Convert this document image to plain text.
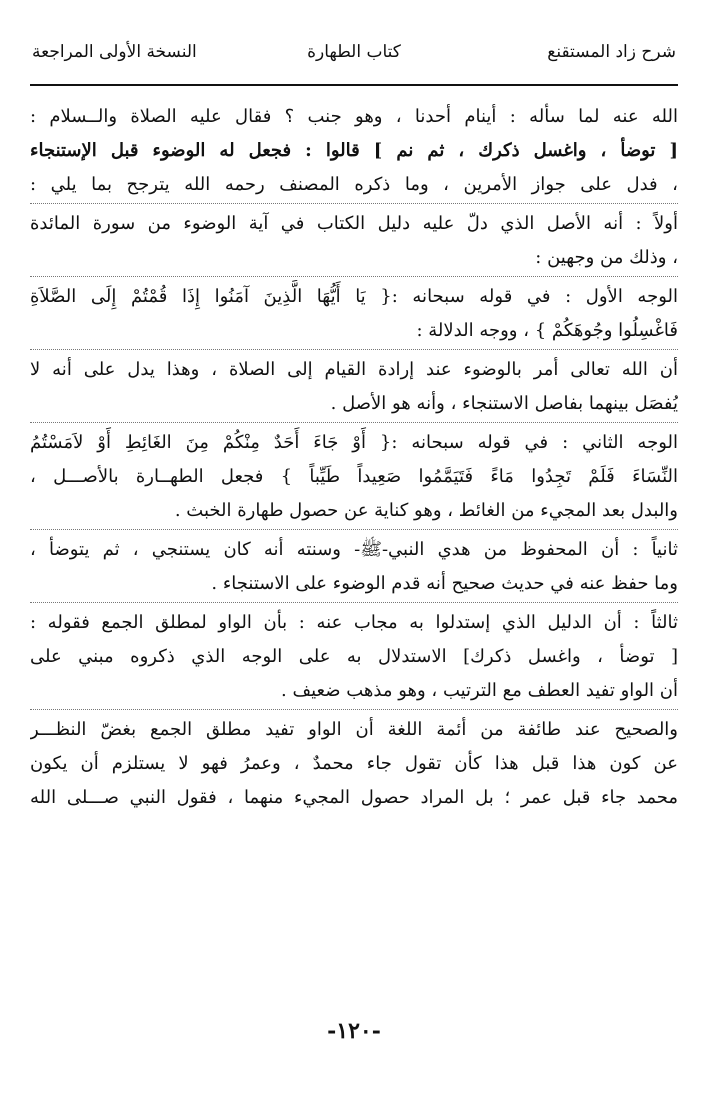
شرح زاد المستقنع
كتاب الطهارة
النسخة الأولى المراجعة
الله عنه لما سأله : أينام أحدنا ، وهو جنب ؟ فقال عليه الصلاة والــسلام :
[ توضأ ، واغسل ذكرك ، ثم نم ] قالوا : فجعل له الوضوء قبل الإستنجاء
، فدل على جواز الأمرين ، وما ذكره المصنف رحمه الله يترجح بما يلي :
أولاً : أنه الأصل الذي دلّ عليه دليل الكتاب في آية الوضوء من سورة المائدة
، وذلك من وجهين :
الوجه الأول : في قوله سبحانه :{ يَا أَيُّهَا الَّذِينَ آمَنُوا إِذَا قُمْتُمْ إِلَى الصَّلاَةِ
فَاغْسِلُوا وجُوهَكُمْ } ، ووجه الدلالة :
أن الله تعالى أمر بالوضوء عند إرادة القيام إلى الصلاة ، وهذا يدل على أنه لا
يُفصَل بينهما بفاصل الاستنجاء ، وأنه هو الأصل .
الوجه الثاني : في قوله سبحانه :{ أَوْ جَاءَ أَحَدٌ مِنْكُمْ مِنَ الغَائِطِ أَوْ لاَمَسْتُمُ
النِّسَاءَ فَلَمْ تَجِدُوا مَاءً فَتَيَمَّمُوا صَعِيداً طَيِّباً } فجعل الطهــارة بالأصـــل ،
والبدل بعد المجيء من الغائط ، وهو كناية عن حصول طهارة الخبث .
ثانياً : أن المحفوظ من هدي النبي-ﷺ- وسنته أنه كان يستنجي ، ثم يتوضأ ،
وما حفظ عنه في حديث صحيح أنه قدم الوضوء على الاستنجاء .
ثالثاً : أن الدليل الذي إستدلوا به مجاب عنه : بأن الواو لمطلق الجمع فقوله :
[ توضأ ، واغسل ذكرك] الاستدلال به على الوجه الذي ذكروه مبني على
أن الواو تفيد العطف مع الترتيب ، وهو مذهب ضعيف .
والصحيح عند طائفة من أئمة اللغة أن الواو تفيد مطلق الجمع بغضّ النظـــر
عن كون هذا قبل هذا كأن تقول جاء محمدٌ ، وعمرُ فهو لا يستلزم أن يكون
محمد جاء قبل عمر ؛ بل المراد حصول المجيء منهما ، فقول النبي صـــلى الله
-١٢٠-
